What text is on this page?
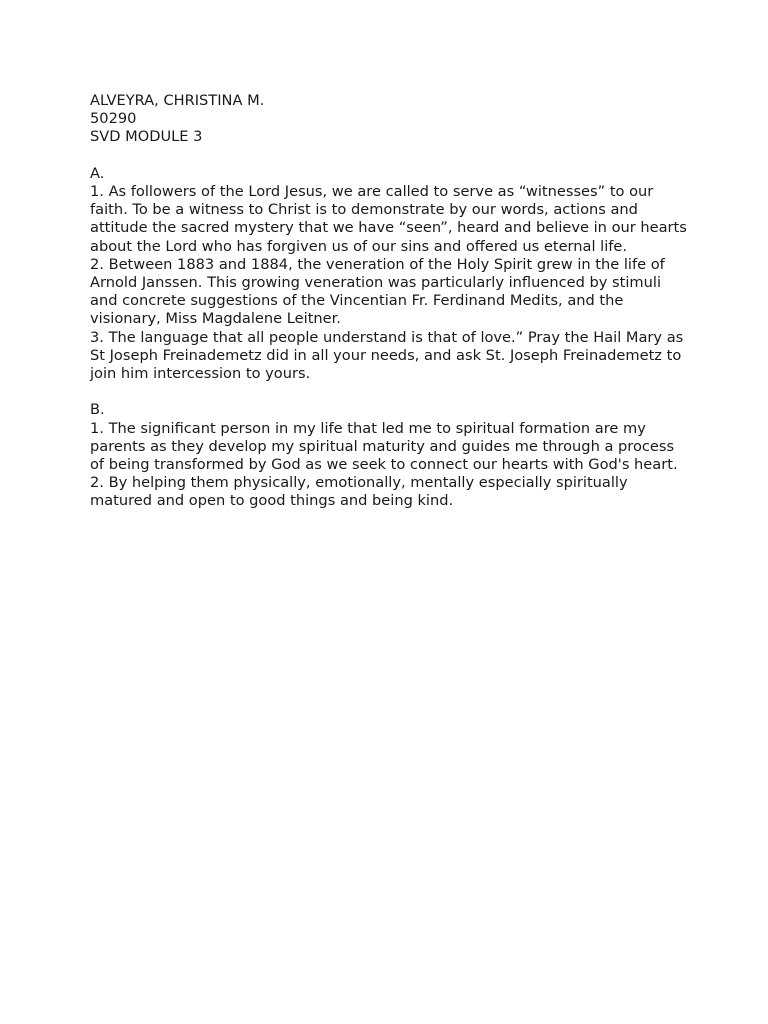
ALVEYRA, CHRISTINA M.

50290

SVD MODULE 3

A.

1. As followers of the Lord Jesus, we are called to serve as “witnesses” to our faith. To be a witness to Christ is to demonstrate by our words, actions and attitude the sacred mystery that we have “seen”, heard and believe in our hearts about the Lord who has forgiven us of our sins and offered us eternal life.

2. Between 1883 and 1884, the veneration of the Holy Spirit grew in the life of Arnold Janssen. This growing veneration was particularly influenced by stimuli and concrete suggestions of the Vincentian Fr. Ferdinand Medits, and the visionary, Miss Magdalene Leitner.

3. The language that all people understand is that of love.” Pray the Hail Mary as St Joseph Freinademetz did in all your needs, and ask St. Joseph Freinademetz to join him intercession to yours.

B.

1. The significant person in my life that led me to spiritual formation are my parents as they develop my spiritual maturity and guides me through a process of being transformed by God as we seek to connect our hearts with God's heart.

2. By helping them physically, emotionally, mentally especially spiritually matured and open to good things and being kind.
